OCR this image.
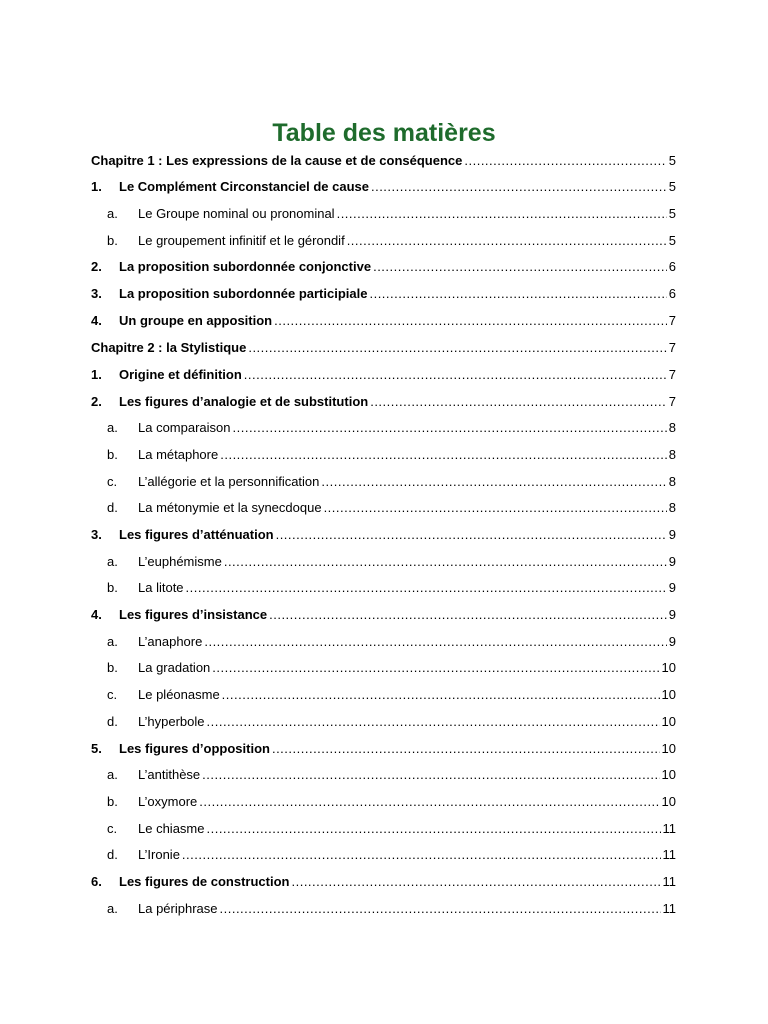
Table des matières
Chapitre 1 : Les expressions de la cause et de conséquence .....	5
1.	Le Complément Circonstanciel de cause .....	5
a.	Le Groupe nominal ou pronominal .....	5
b.	Le groupement infinitif et le gérondif .....	5
2.	La proposition subordonnée conjonctive .....	6
3.	La proposition subordonnée participiale .....	6
4.	Un groupe en apposition .....	7
Chapitre 2 : la Stylistique .....	7
1.	Origine et définition .....	7
2.	Les figures d’analogie et de substitution .....	7
a.	La comparaison .....	8
b.	La métaphore .....	8
c.	L’allégorie et la personnification .....	8
d.	La métonymie et la synecdoque .....	8
3.	Les figures d’atténuation .....	9
a.	L’euphémisme .....	9
b.	La litote .....	9
4.	Les figures d’insistance .....	9
a.	L’anaphore .....	9
b.	La gradation .....	10
c.	Le pléonasme .....	10
d.	L’hyperbole .....	10
5.	Les figures d’opposition .....	10
a.	L’antithèse .....	10
b.	L’oxymore .....	10
c.	Le chiasme .....	11
d.	L’Ironie .....	11
6.	Les figures de construction .....	11
a.	La périphrase .....	11
